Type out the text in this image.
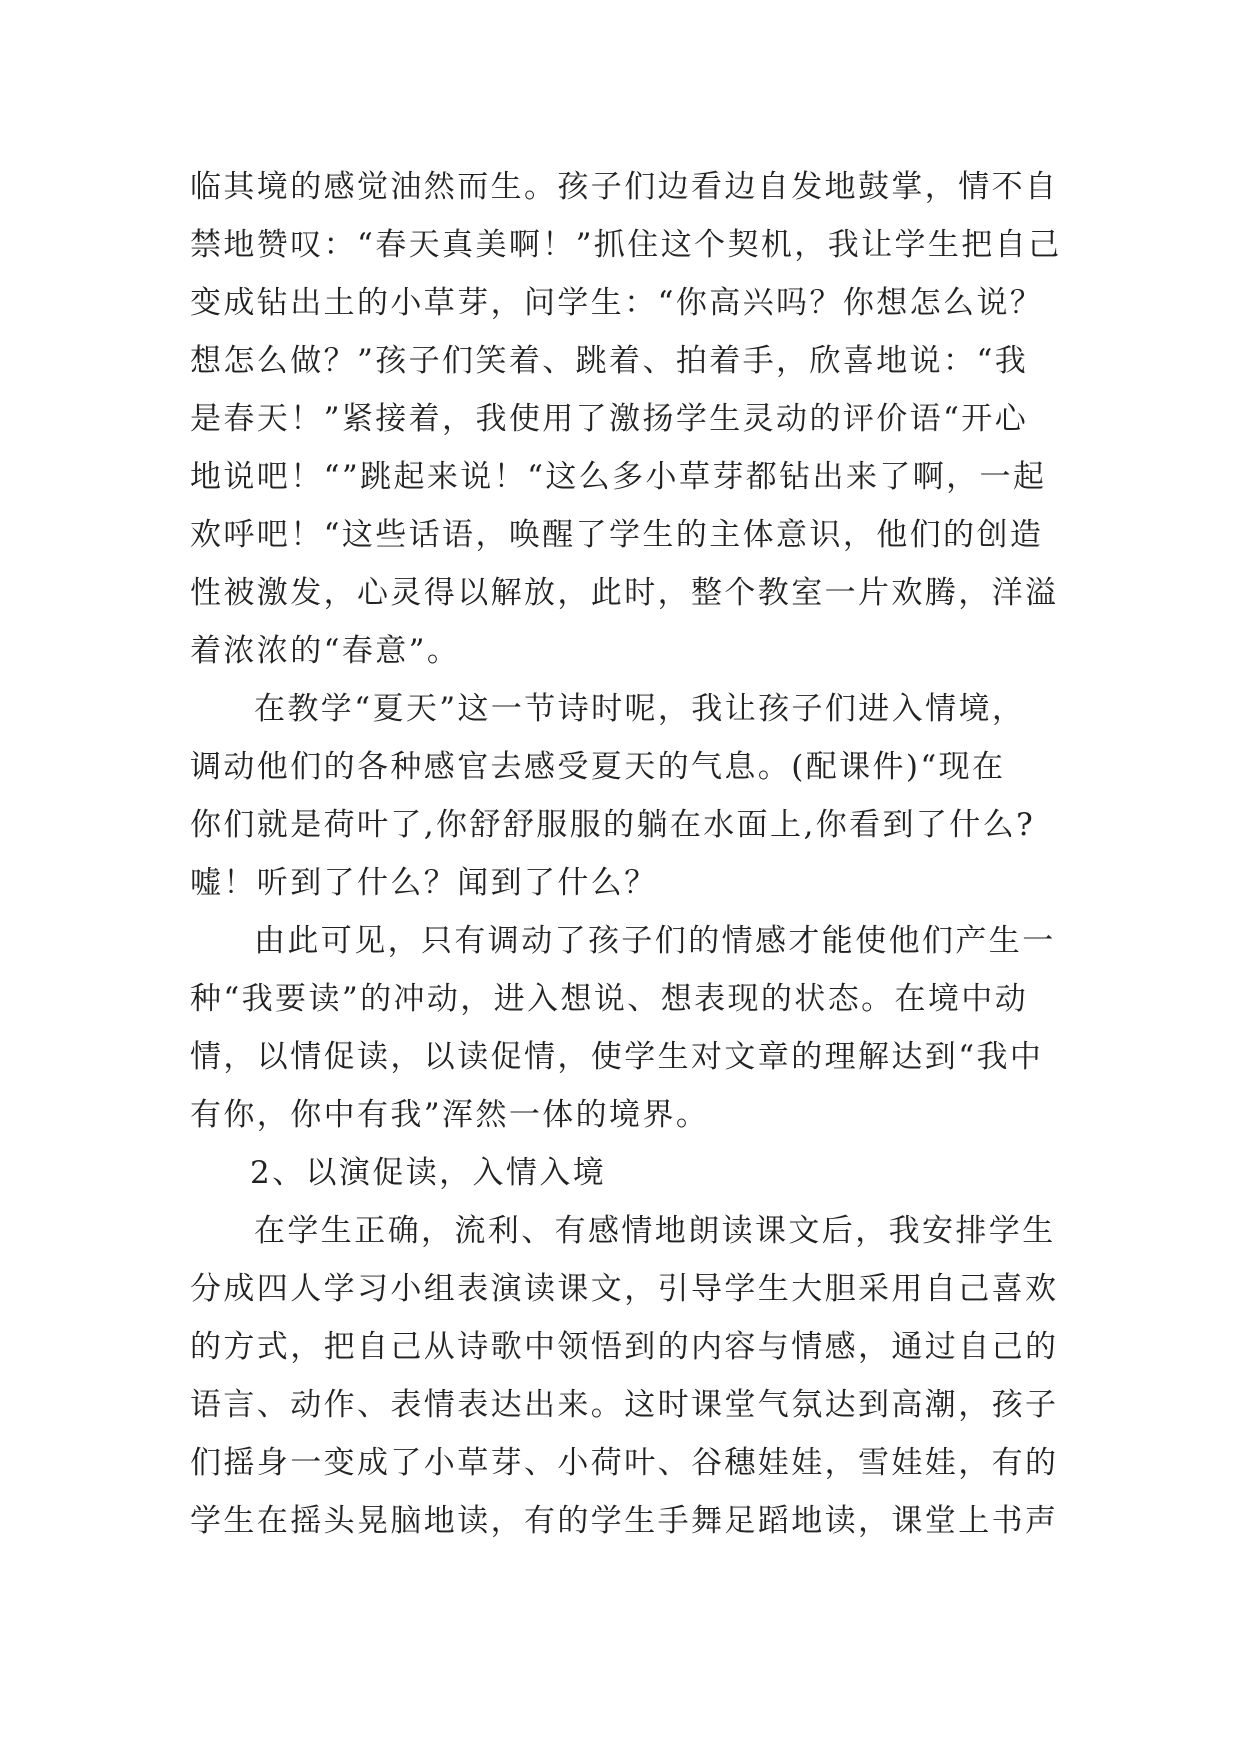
临其境的感觉油然而生。孩子们边看边自发地鼓掌，情不自
禁地赞叹：“春天真美啊！”抓住这个契机，我让学生把自己
变成钻出土的小草芽，问学生：“你高兴吗？你想怎么说？
想怎么做？”孩子们笑着、跳着、拍着手，欣喜地说：“我
是春天！”紧接着，我使用了激扬学生灵动的评价语“开心
地说吧！“”跳起来说！“这么多小草芽都钻出来了啊，一起
欢呼吧！“这些话语，唤醒了学生的主体意识，他们的创造
性被激发，心灵得以解放，此时，整个教室一片欢腾，洋溢
着浓浓的“春意”。
在教学“夏天”这一节诗时呢，我让孩子们进入情境，
调动他们的各种感官去感受夏天的气息。(配课件)“现在
你们就是荷叶了,你舒舒服服的躺在水面上,你看到了什么?
嘘！听到了什么？闻到了什么？
由此可见，只有调动了孩子们的情感才能使他们产生一
种“我要读”的冲动，进入想说、想表现的状态。在境中动
情，以情促读，以读促情，使学生对文章的理解达到“我中
有你，你中有我”浑然一体的境界。
2、以演促读，入情入境
在学生正确，流利、有感情地朗读课文后，我安排学生
分成四人学习小组表演读课文，引导学生大胆采用自己喜欢
的方式，把自己从诗歌中领悟到的内容与情感，通过自己的
语言、动作、表情表达出来。这时课堂气氛达到高潮，孩子
们摇身一变成了小草芽、小荷叶、谷穗娃娃，雪娃娃，有的
学生在摇头晃脑地读，有的学生手舞足蹈地读，课堂上书声
